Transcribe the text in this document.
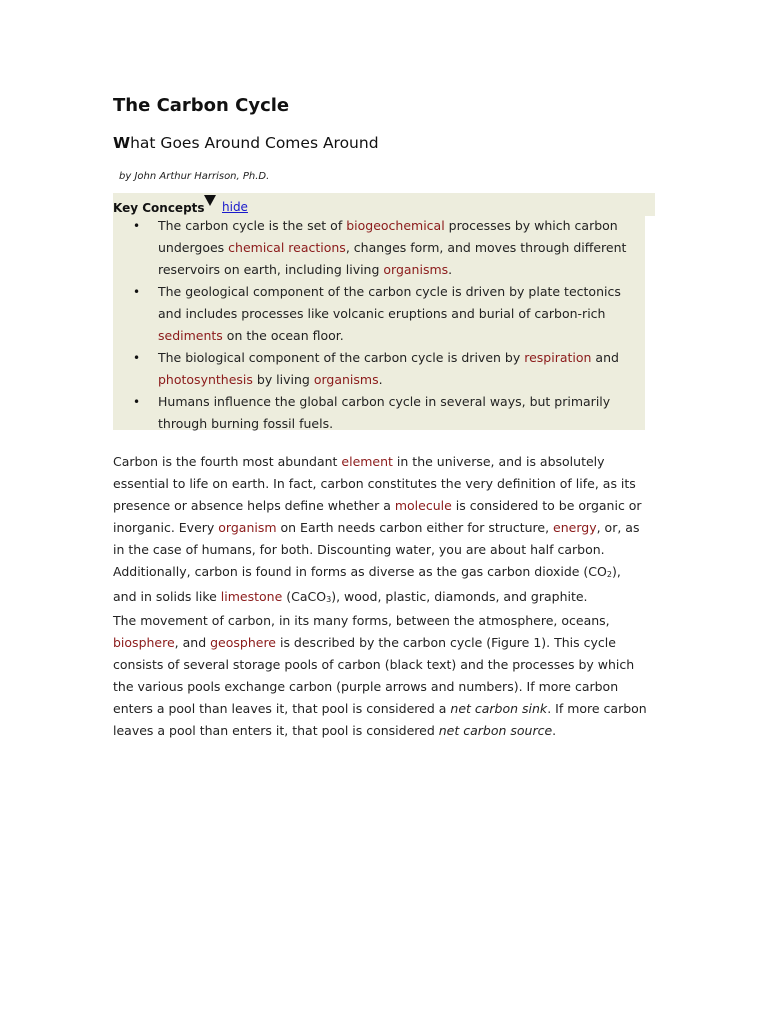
The Carbon Cycle
What Goes Around Comes Around
by John Arthur Harrison, Ph.D.
Key Concepts hide
• The carbon cycle is the set of biogeochemical processes by which carbon undergoes chemical reactions, changes form, and moves through different reservoirs on earth, including living organisms.
• The geological component of the carbon cycle is driven by plate tectonics and includes processes like volcanic eruptions and burial of carbon-rich sediments on the ocean floor.
• The biological component of the carbon cycle is driven by respiration and photosynthesis by living organisms.
• Humans influence the global carbon cycle in several ways, but primarily through burning fossil fuels.

Carbon is the fourth most abundant element in the universe, and is absolutely essential to life on earth. In fact, carbon constitutes the very definition of life, as its presence or absence helps define whether a molecule is considered to be organic or inorganic. Every organism on Earth needs carbon either for structure, energy, or, as in the case of humans, for both. Discounting water, you are about half carbon. Additionally, carbon is found in forms as diverse as the gas carbon dioxide $(CO_2)$, and in solids like limestone (CaCO$_3$), wood, plastic, diamonds, and graphite.

The movement of carbon, in its many forms, between the atmosphere, oceans, biosphere, and geosphere is described by the carbon cycle (Figure 1). This cycle consists of several storage pools of carbon (black text) and the processes by which the various pools exchange carbon (purple arrows and numbers). If more carbon enters a pool than leaves it, that pool is considered a net carbon sink. If more carbon leaves a pool than enters it, that pool is considered net carbon source.
